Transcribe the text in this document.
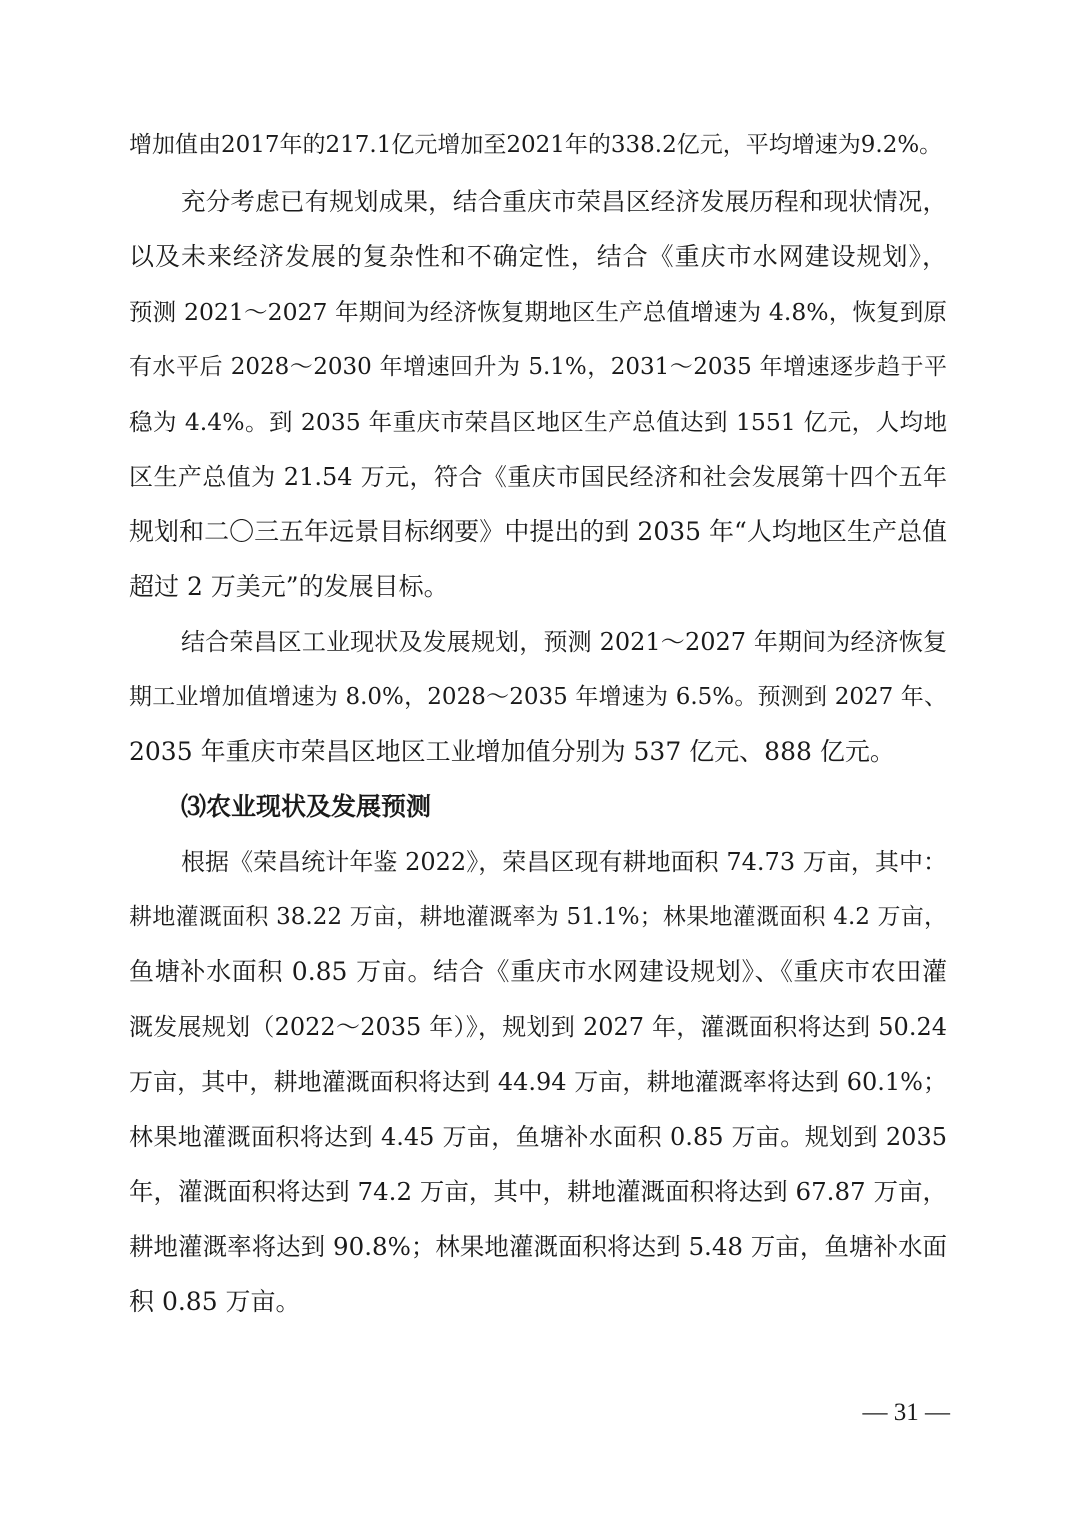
增加值由2017年的217.1亿元增加至2021年的338.2亿元，平均增速为9.2%。
充分考虑已有规划成果，结合重庆市荣昌区经济发展历程和现状情况，
以及未来经济发展的复杂性和不确定性，结合《重庆市水网建设规划》，
预测 2021～2027 年期间为经济恢复期地区生产总值增速为 4.8%，恢复到原
有水平后 2028～2030 年增速回升为 5.1%，2031～2035 年增速逐步趋于平
稳为 4.4%。到 2035 年重庆市荣昌区地区生产总值达到 1551 亿元，人均地
区生产总值为 21.54 万元，符合《重庆市国民经济和社会发展第十四个五年
规划和二〇三五年远景目标纲要》中提出的到 2035 年“人均地区生产总值
超过 2 万美元”的发展目标。
结合荣昌区工业现状及发展规划，预测 2021～2027 年期间为经济恢复
期工业增加值增速为 8.0%，2028～2035 年增速为 6.5%。预测到 2027 年、
2035 年重庆市荣昌区地区工业增加值分别为 537 亿元、888 亿元。
⑶农业现状及发展预测
根据《荣昌统计年鉴 2022》，荣昌区现有耕地面积 74.73 万亩，其中：
耕地灌溉面积 38.22 万亩，耕地灌溉率为 51.1%；林果地灌溉面积 4.2 万亩，
鱼塘补水面积 0.85 万亩。结合《重庆市水网建设规划》、《重庆市农田灌
溉发展规划（2022～2035 年）》，规划到 2027 年，灌溉面积将达到 50.24
万亩，其中，耕地灌溉面积将达到 44.94 万亩，耕地灌溉率将达到 60.1%；
林果地灌溉面积将达到 4.45 万亩，鱼塘补水面积 0.85 万亩。规划到 2035
年，灌溉面积将达到 74.2 万亩，其中，耕地灌溉面积将达到 67.87 万亩，
耕地灌溉率将达到 90.8%；林果地灌溉面积将达到 5.48 万亩，鱼塘补水面
积 0.85 万亩。
— 31 —
